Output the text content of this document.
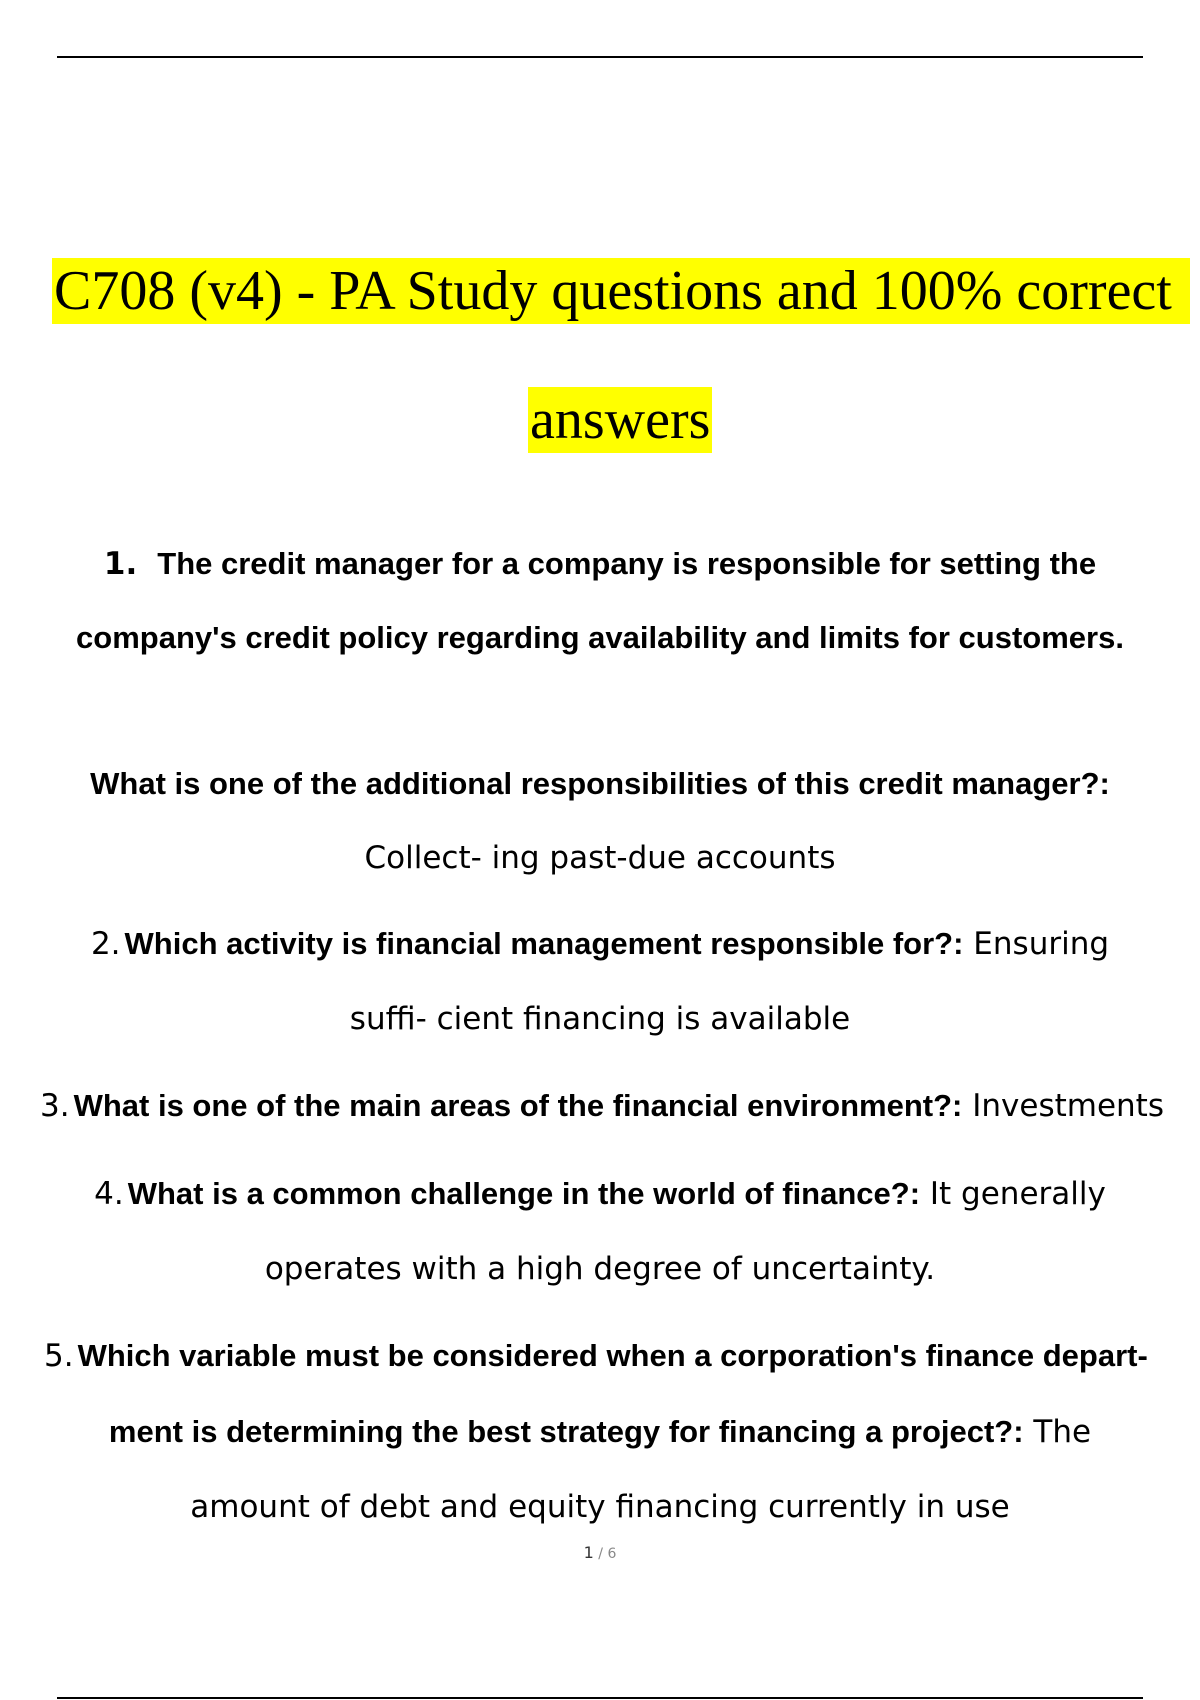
C708 (v4) - PA Study questions and 100% correct
answers
1. The credit manager for a company is responsible for setting the
company's credit policy regarding availability and limits for customers.
What is one of the additional responsibilities of this credit manager?:
Collect- ing past-due accounts
2. Which activity is financial management responsible for?: Ensuring
suffi- cient financing is available
3. What is one of the main areas of the financial environment?: Investments
4. What is a common challenge in the world of finance?: It generally
operates with a high degree of uncertainty.
5. Which variable must be considered when a corporation's finance depart-
ment is determining the best strategy for financing a project?: The
amount of debt and equity financing currently in use
1 / 6
